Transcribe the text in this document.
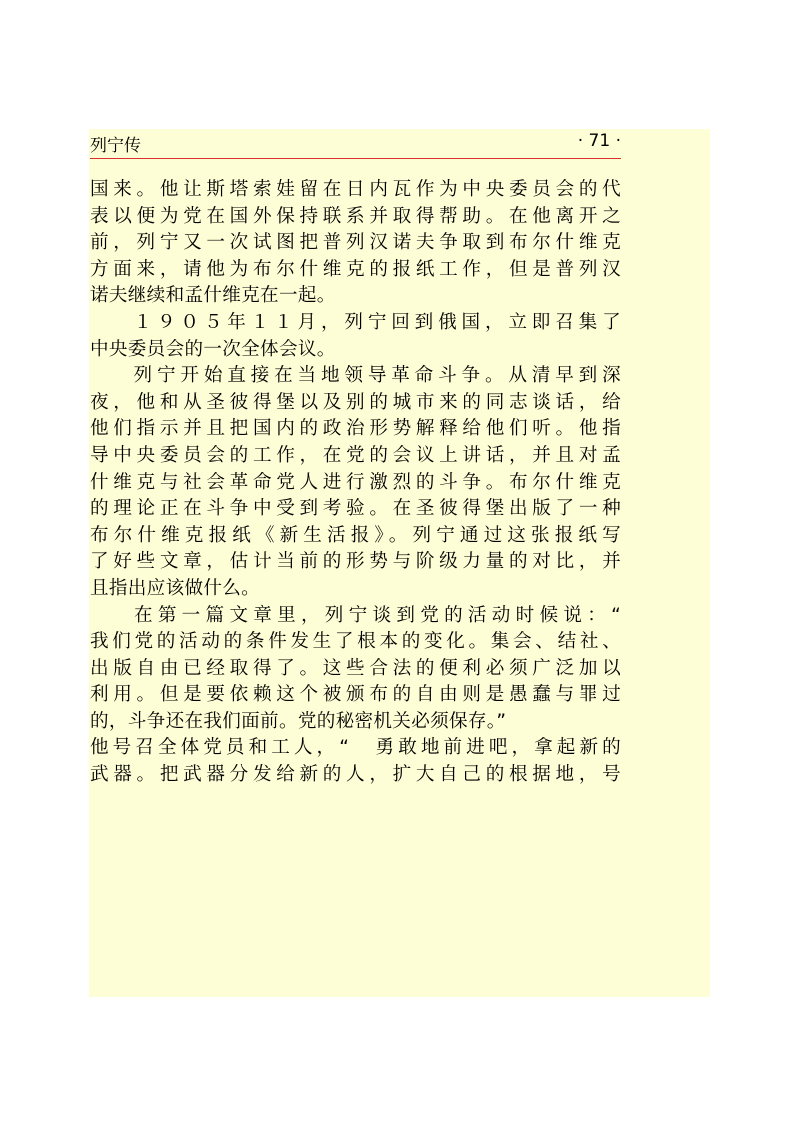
列宁传	· 71 ·
国来。他让斯塔索娃留在日内瓦作为中央委员会的代
表以便为党在国外保持联系并取得帮助。在他离开之
前，列宁又一次试图把普列汉诺夫争取到布尔什维克
方面来，请他为布尔什维克的报纸工作，但是普列汉
诺夫继续和孟什维克在一起。
１９０５年１１月，列宁回到俄国，立即召集了
中央委员会的一次全体会议。
列宁开始直接在当地领导革命斗争。从清早到深
夜，他和从圣彼得堡以及别的城市来的同志谈话，给
他们指示并且把国内的政治形势解释给他们听。他指
导中央委员会的工作，在党的会议上讲话，并且对孟
什维克与社会革命党人进行激烈的斗争。布尔什维克
的理论正在斗争中受到考验。在圣彼得堡出版了一种
布尔什维克报纸《新生活报》。列宁通过这张报纸写
了好些文章，估计当前的形势与阶级力量的对比，并
且指出应该做什么。
在第一篇文章里，列宁谈到党的活动时候说：“
我们党的活动的条件发生了根本的变化。集会、结社、
出版自由已经取得了。这些合法的便利必须广泛加以
利用。但是要依赖这个被颁布的自由则是愚蠢与罪过
的，斗争还在我们面前。党的秘密机关必须保存。”
他号召全体党员和工人，“　勇敢地前进吧，拿起新的
武器。把武器分发给新的人，扩大自己的根据地，号
